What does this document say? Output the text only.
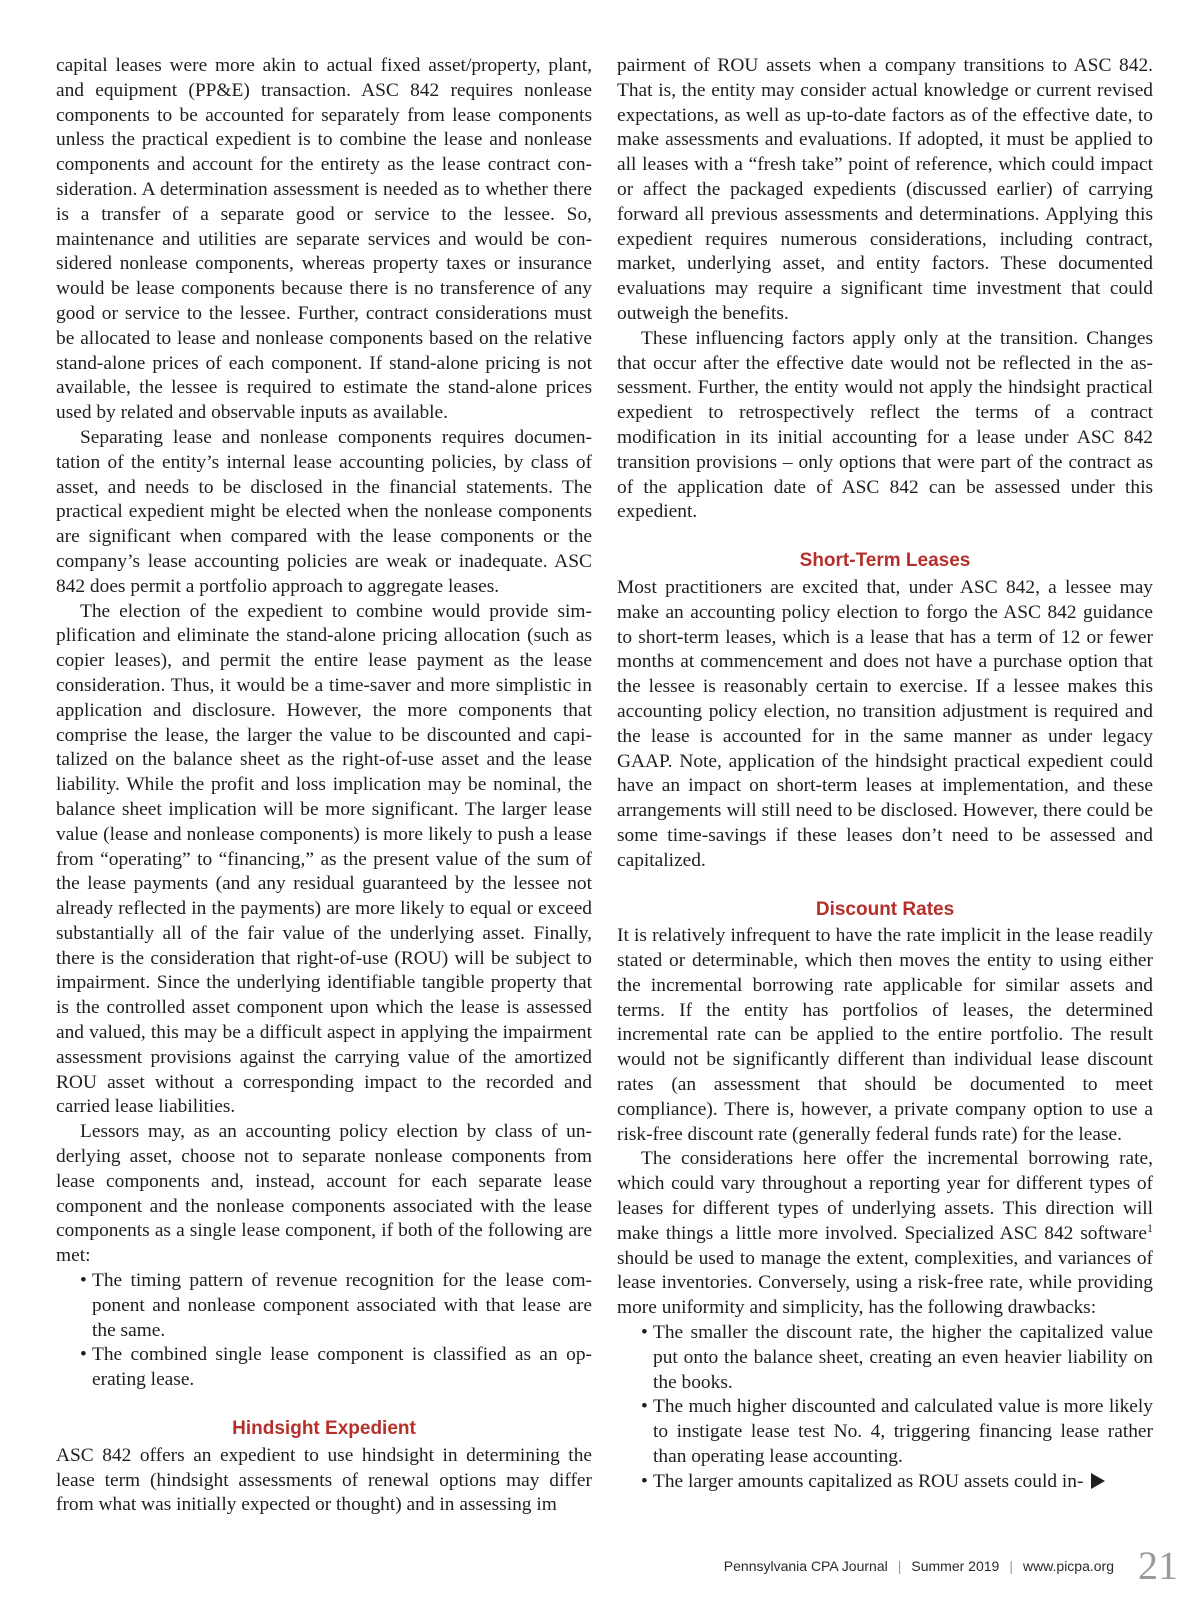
capital leases were more akin to actual fixed asset/property, plant, and equipment (PP&E) transaction. ASC 842 requires nonlease components to be accounted for separately from lease components unless the practical expedient is to combine the lease and nonlease components and account for the entirety as the lease contract consideration. A determination assessment is needed as to whether there is a transfer of a separate good or service to the lessee. So, maintenance and utilities are separate services and would be considered nonlease components, whereas property taxes or insurance would be lease components because there is no transference of any good or service to the lessee. Further, contract considerations must be allocated to lease and nonlease components based on the relative stand-alone prices of each component. If stand-alone pricing is not available, the lessee is required to estimate the stand-alone prices used by related and observable inputs as available.

Separating lease and nonlease components requires documentation of the entity’s internal lease accounting policies, by class of asset, and needs to be disclosed in the financial statements. The practical expedient might be elected when the nonlease components are significant when compared with the lease components or the company’s lease accounting policies are weak or inadequate. ASC 842 does permit a portfolio approach to aggregate leases.

The election of the expedient to combine would provide simplification and eliminate the stand-alone pricing allocation (such as copier leases), and permit the entire lease payment as the lease consideration. Thus, it would be a time-saver and more simplistic in application and disclosure. However, the more components that comprise the lease, the larger the value to be discounted and capitalized on the balance sheet as the right-of-use asset and the lease liability. While the profit and loss implication may be nominal, the balance sheet implication will be more significant. The larger lease value (lease and nonlease components) is more likely to push a lease from “operating” to “financing,” as the present value of the sum of the lease payments (and any residual guaranteed by the lessee not already reflected in the payments) are more likely to equal or exceed substantially all of the fair value of the underlying asset. Finally, there is the consideration that right-of-use (ROU) will be subject to impairment. Since the underlying identifiable tangible property that is the controlled asset component upon which the lease is assessed and valued, this may be a difficult aspect in applying the impairment assessment provisions against the carrying value of the amortized ROU asset without a corresponding impact to the recorded and carried lease liabilities.

Lessors may, as an accounting policy election by class of underlying asset, choose not to separate nonlease components from lease components and, instead, account for each separate lease component and the nonlease components associated with the lease components as a single lease component, if both of the following are met:

• The timing pattern of revenue recognition for the lease component and nonlease component associated with that lease are the same.
• The combined single lease component is classified as an operating lease.
Hindsight Expedient

ASC 842 offers an expedient to use hindsight in determining the lease term (hindsight assessments of renewal options may differ from what was initially expected or thought) and in assessing im

pairment of ROU assets when a company transitions to ASC 842. That is, the entity may consider actual knowledge or current revised expectations, as well as up-to-date factors as of the effective date, to make assessments and evaluations. If adopted, it must be applied to all leases with a “fresh take” point of reference, which could impact or affect the packaged expedients (discussed earlier) of carrying forward all previous assessments and determinations. Applying this expedient requires numerous considerations, including contract, market, underlying asset, and entity factors. These documented evaluations may require a significant time investment that could outweigh the benefits.

These influencing factors apply only at the transition. Changes that occur after the effective date would not be reflected in the assessment. Further, the entity would not apply the hindsight practical expedient to retrospectively reflect the terms of a contract modification in its initial accounting for a lease under ASC 842 transition provisions – only options that were part of the contract as of the application date of ASC 842 can be assessed under this expedient.

Short-Term Leases

Most practitioners are excited that, under ASC 842, a lessee may make an accounting policy election to forgo the ASC 842 guidance to short-term leases, which is a lease that has a term of 12 or fewer months at commencement and does not have a purchase option that the lessee is reasonably certain to exercise. If a lessee makes this accounting policy election, no transition adjustment is required and the lease is accounted for in the same manner as under legacy GAAP. Note, application of the hindsight practical expedient could have an impact on short-term leases at implementation, and these arrangements will still need to be disclosed. However, there could be some time-savings if these leases don’t need to be assessed and capitalized.

Discount Rates

It is relatively infrequent to have the rate implicit in the lease readily stated or determinable, which then moves the entity to using either the incremental borrowing rate applicable for similar assets and terms. If the entity has portfolios of leases, the determined incremental rate can be applied to the entire portfolio. The result would not be significantly different than individual lease discount rates (an assessment that should be documented to meet compliance). There is, however, a private company option to use a risk-free discount rate (generally federal funds rate) for the lease.

The considerations here offer the incremental borrowing rate, which could vary throughout a reporting year for different types of leases for different types of underlying assets. This direction will make things a little more involved. Specialized ASC 842 software$^1$ should be used to manage the extent, complexities, and variances of lease inventories. Conversely, using a risk-free rate, while providing more uniformity and simplicity, has the following drawbacks:

• The smaller the discount rate, the higher the capitalized value put onto the balance sheet, creating an even heavier liability on the books.
• The much higher discounted and calculated value is more likely to instigate lease test No. 4, triggering financing lease rather than operating lease accounting.
• The larger amounts capitalized as ROU assets could in-
Pennsylvania CPA Journal | Summer 2019 | www.picpa.org 21
